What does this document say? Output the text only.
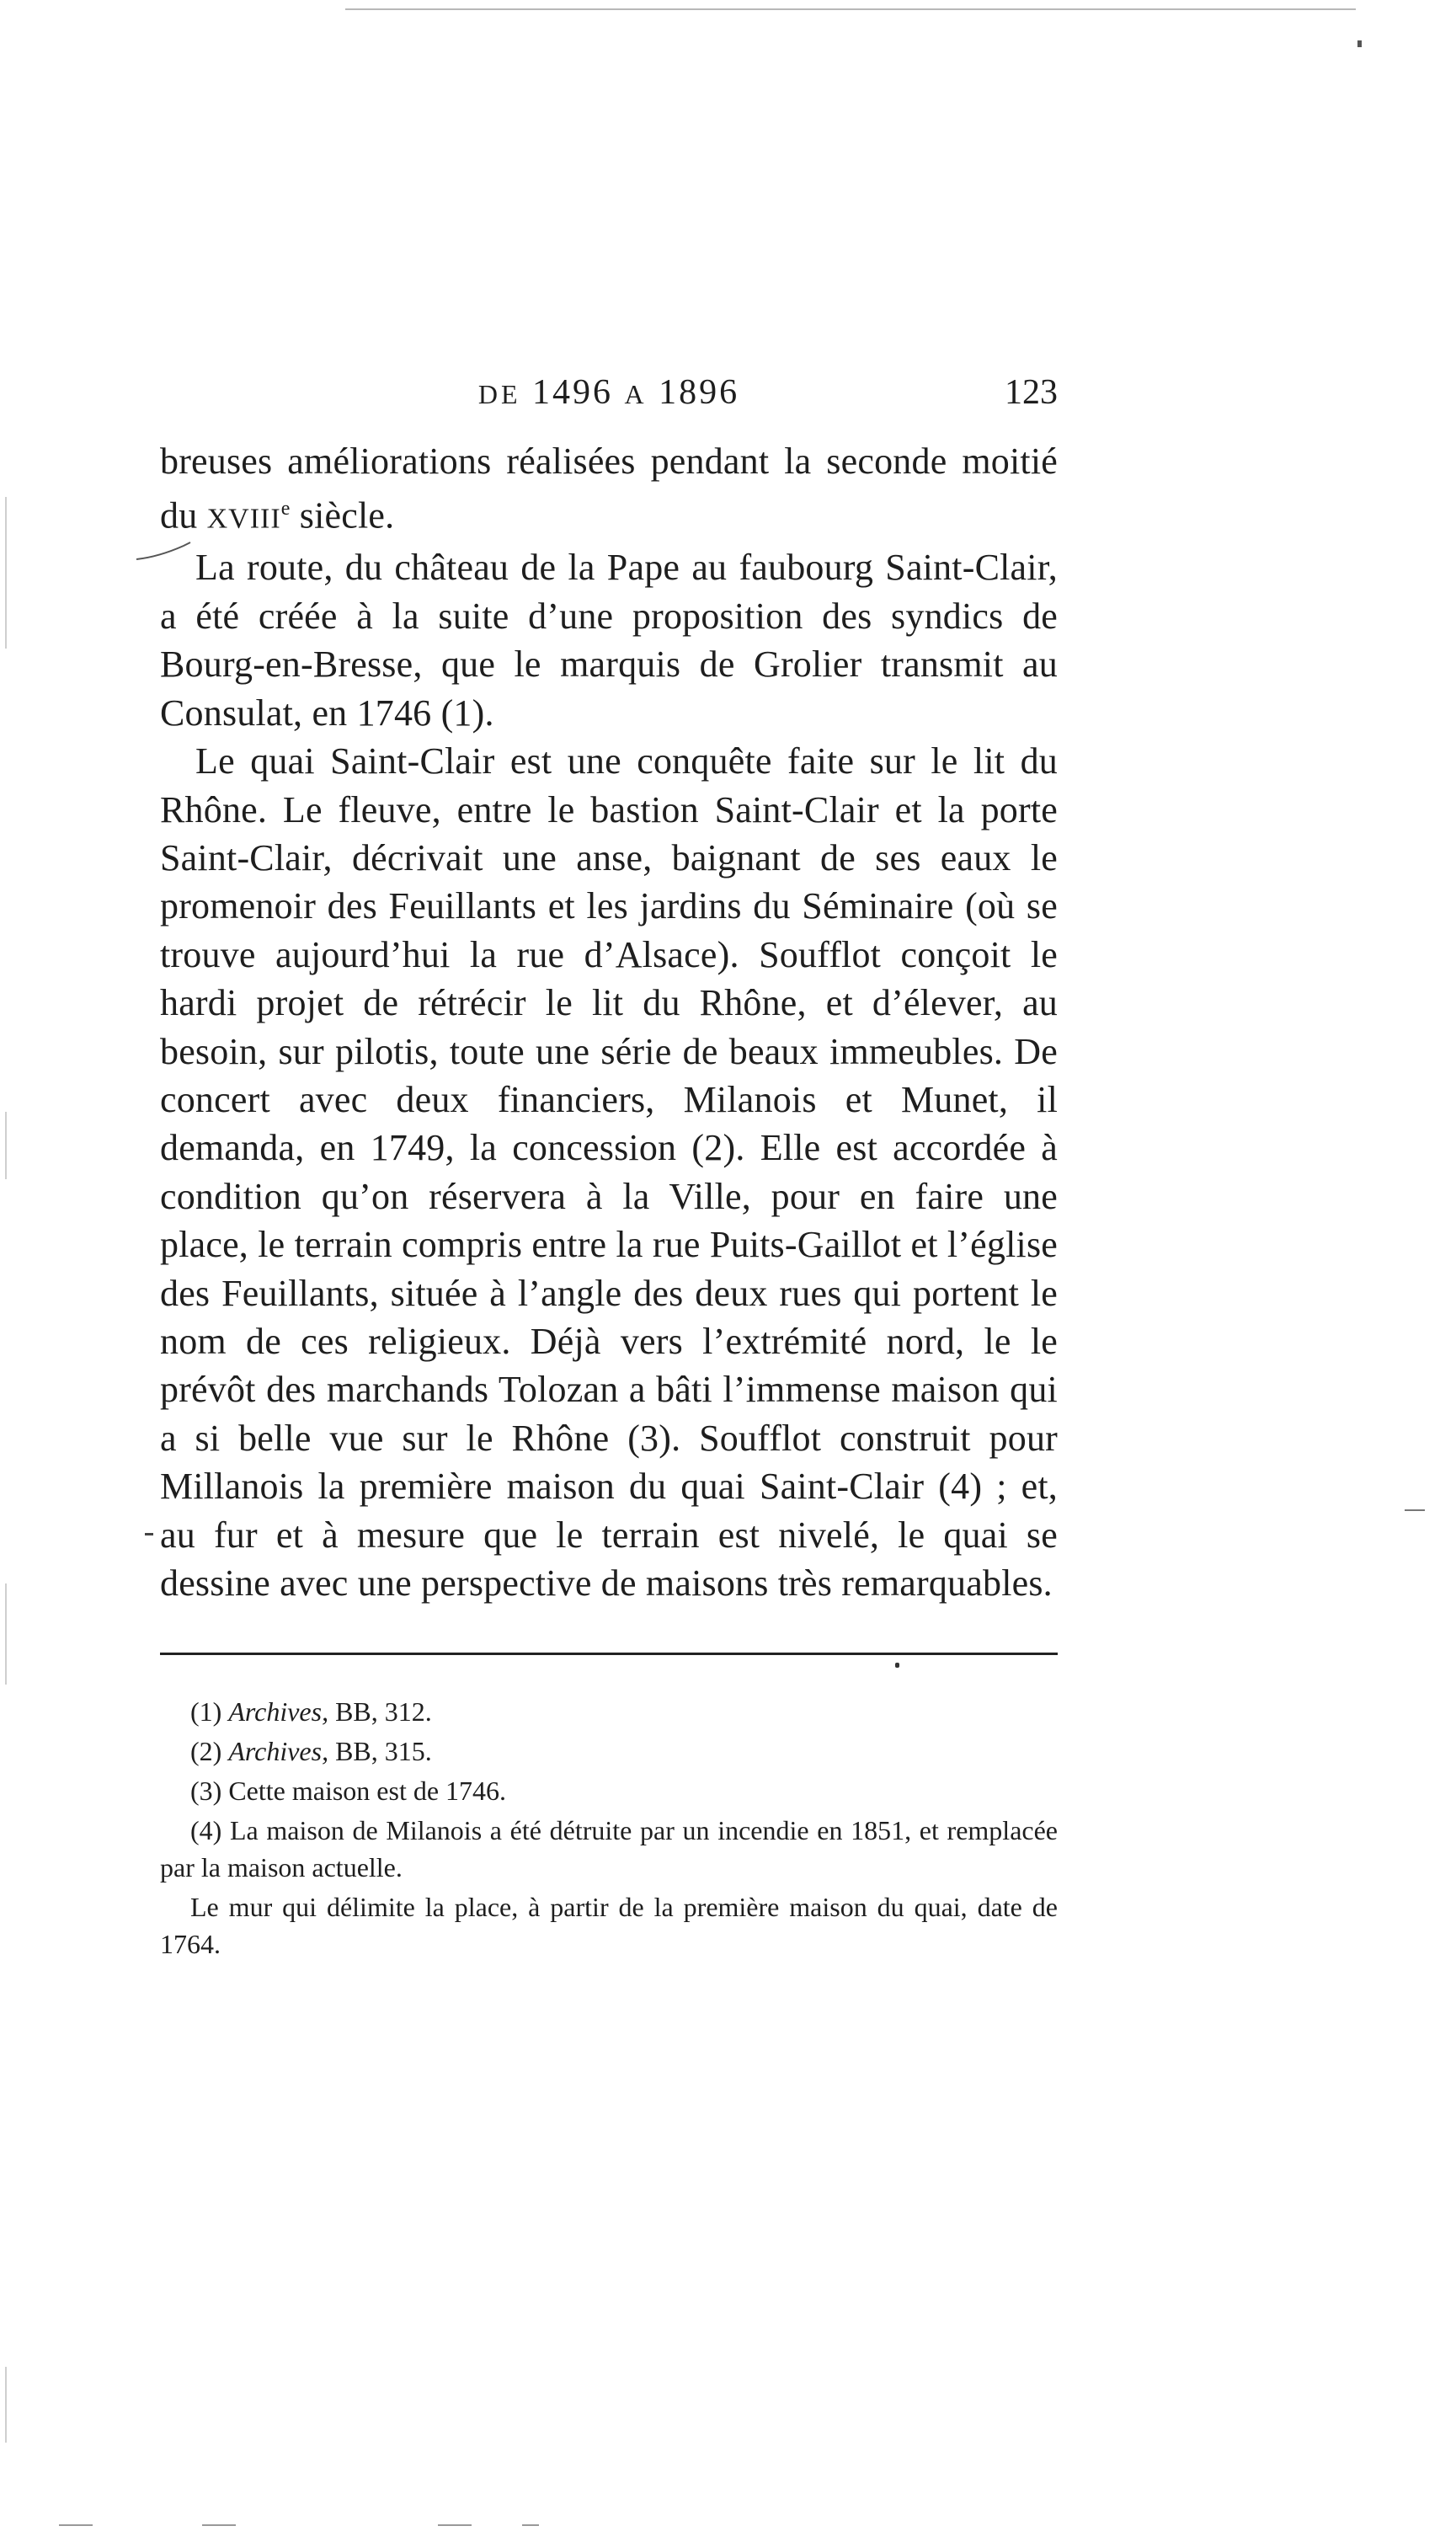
DE 1496 A 1896	123

breuses améliorations réalisées pendant la seconde moitié du XVIIIe siècle.

La route, du château de la Pape au faubourg Saint-Clair, a été créée à la suite d’une proposition des syndics de Bourg-en-Bresse, que le marquis de Grolier transmit au Consulat, en 1746 (1).

Le quai Saint-Clair est une conquête faite sur le lit du Rhône. Le fleuve, entre le bastion Saint-Clair et la porte Saint-Clair, décrivait une anse, baignant de ses eaux le promenoir des Feuillants et les jardins du Séminaire (où se trouve aujourd’hui la rue d’Alsace). Soufflot conçoit le hardi projet de rétrécir le lit du Rhône, et d’élever, au besoin, sur pilotis, toute une série de beaux immeubles. De concert avec deux financiers, Milanois et Munet, il demanda, en 1749, la concession (2). Elle est accordée à condition qu’on réservera à la Ville, pour en faire une place, le terrain compris entre la rue Puits-Gaillot et l’église des Feuillants, située à l’angle des deux rues qui portent le nom de ces religieux. Déjà vers l’extrémité nord, le le prévôt des marchands Tolozan a bâti l’immense maison qui a si belle vue sur le Rhône (3). Soufflot construit pour Millanois la première maison du quai Saint-Clair (4) ; et, au fur et à mesure que le terrain est nivelé, le quai se dessine avec une perspective de maisons très remarquables.

(1) Archives, BB, 312.

(2) Archives, BB, 315.

(3) Cette maison est de 1746.

(4) La maison de Milanois a été détruite par un incendie en 1851, et remplacée par la maison actuelle.

Le mur qui délimite la place, à partir de la première maison du quai, date de 1764.
